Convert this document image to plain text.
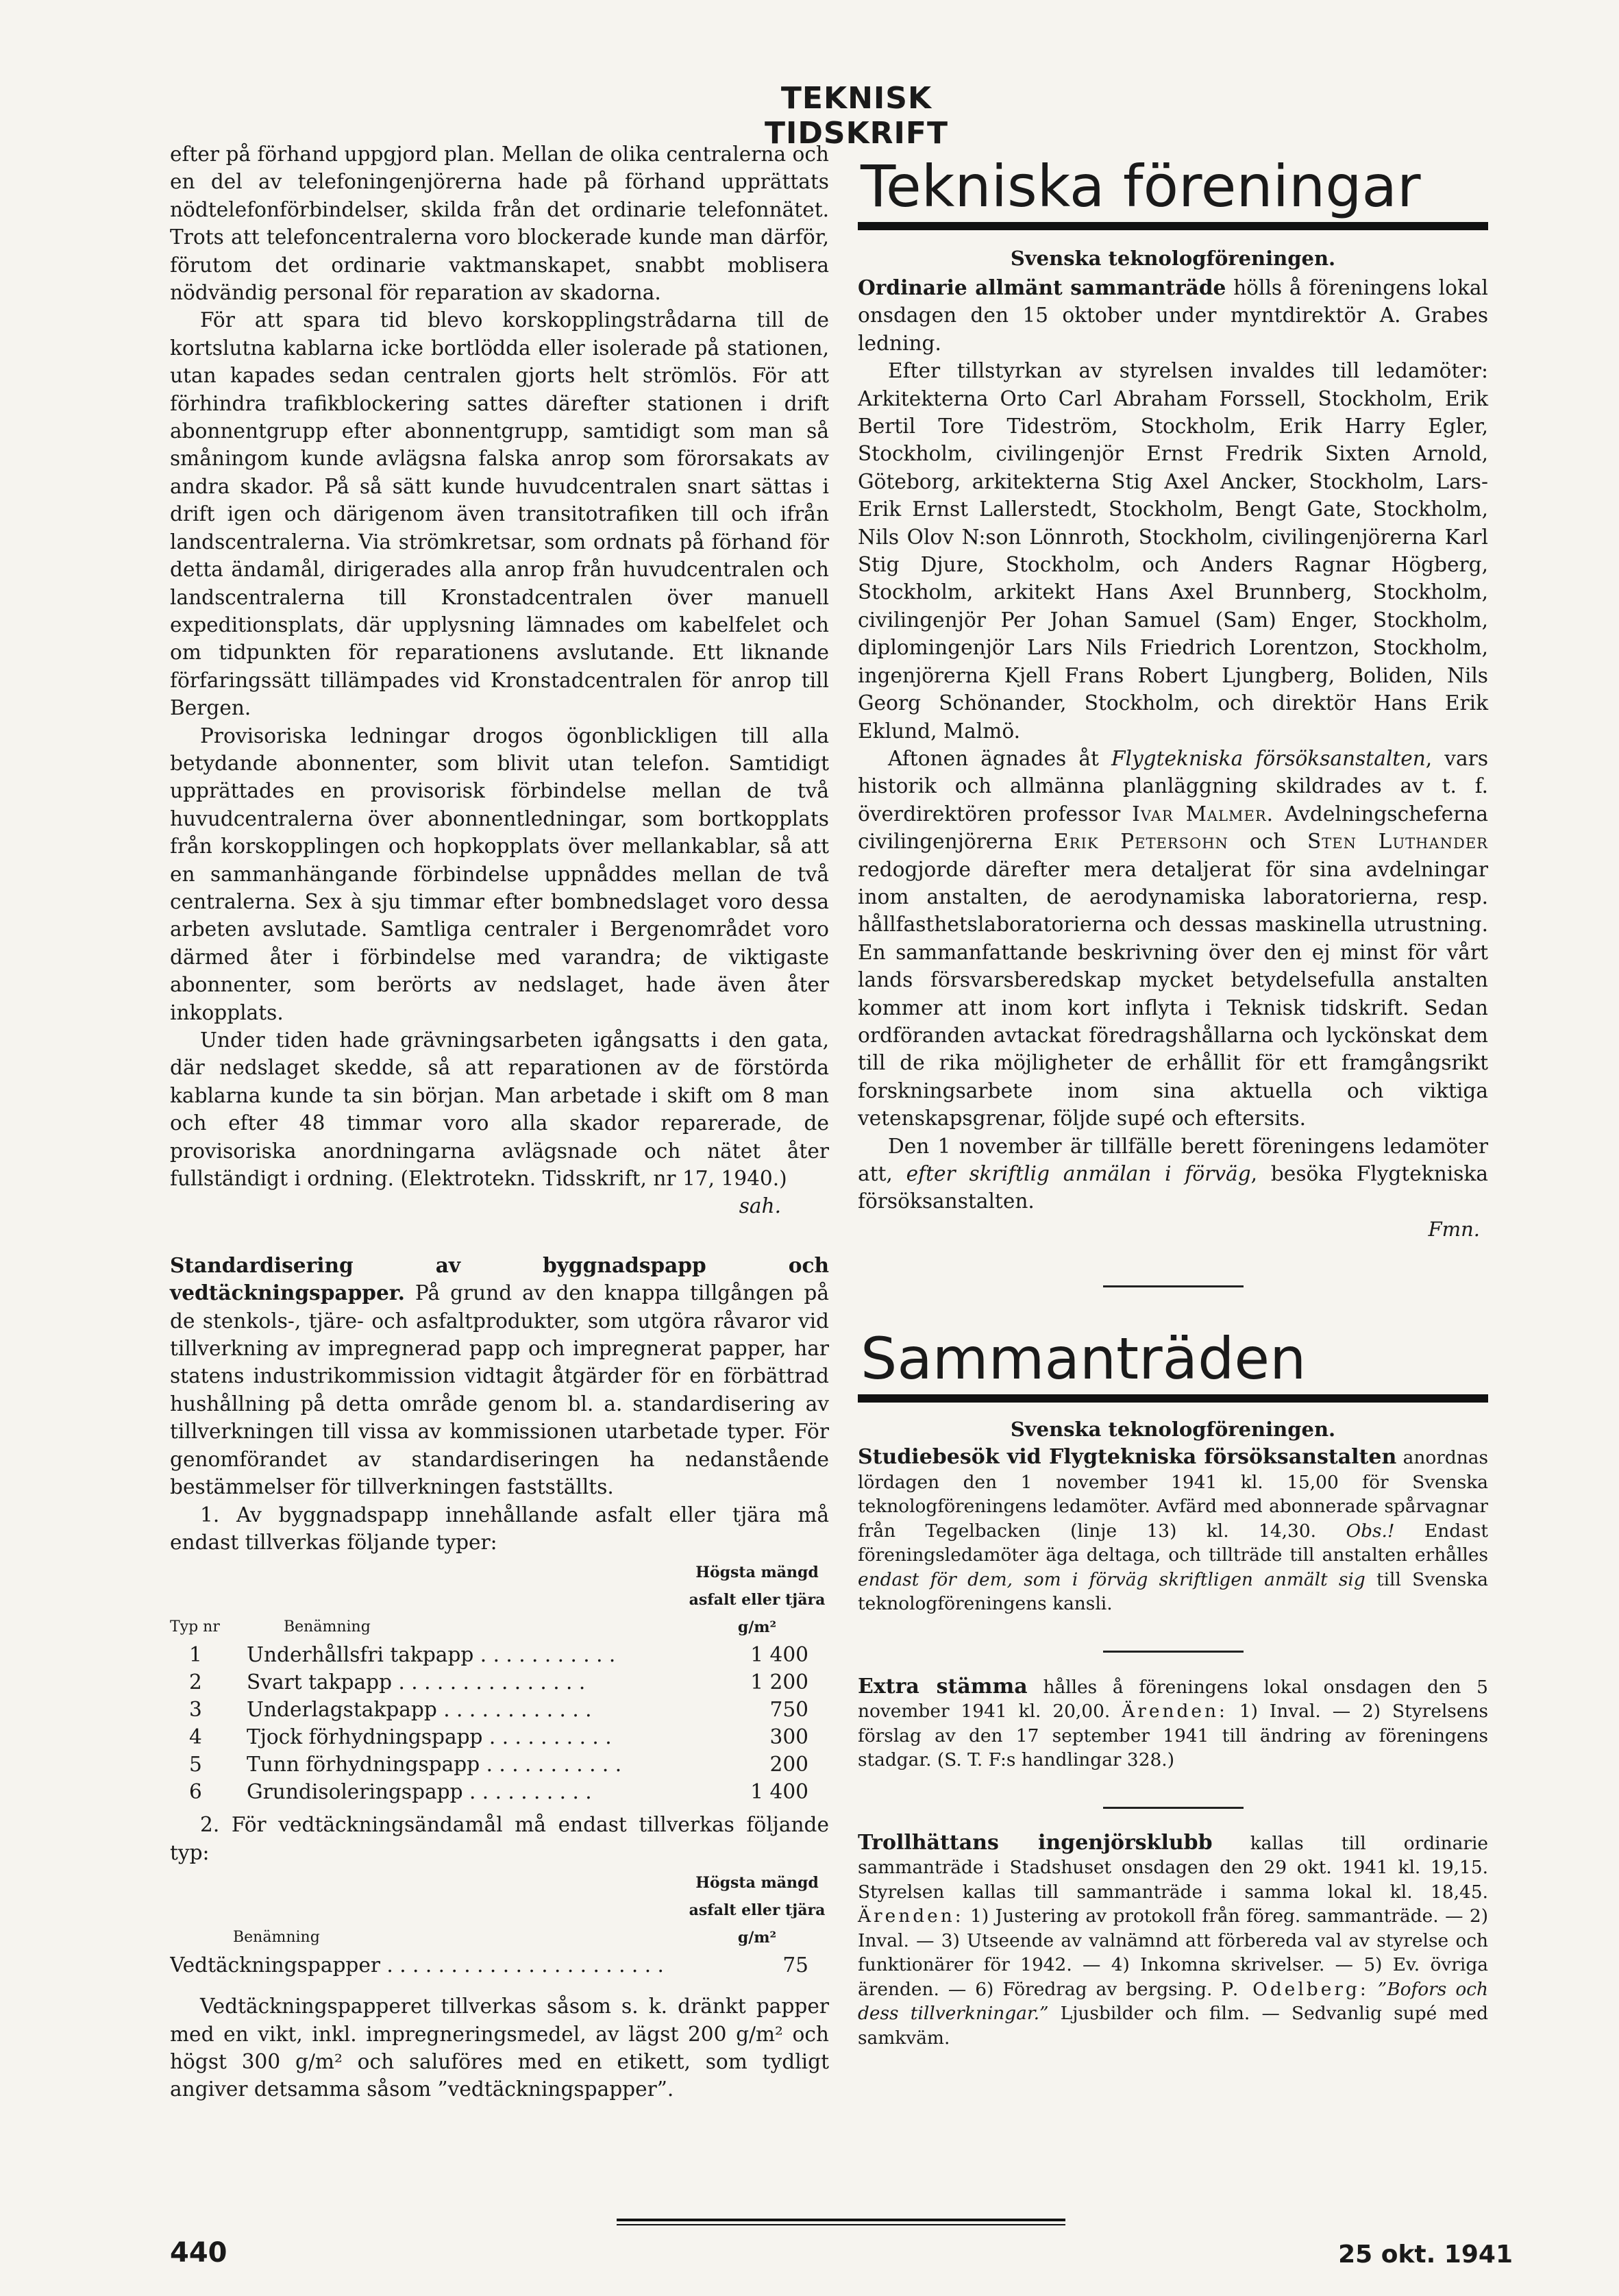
TEKNISK TIDSKRIFT

efter på förhand uppgjord plan. Mellan de olika centralerna och en del av telefoningenjörerna hade på förhand upprättats nödtelefonförbindelser, skilda från det ordinarie telefonnätet. Trots att telefoncentralerna voro blockerade kunde man därför, förutom det ordinarie vaktmanskapet, snabbt moblisera nödvändig personal för reparation av skadorna.

För att spara tid blevo korskopplingstrådarna till de kortslutna kablarna icke bortlödda eller isolerade på stationen, utan kapades sedan centralen gjorts helt strömlös. För att förhindra trafikblockering sattes därefter stationen i drift abonnentgrupp efter abonnentgrupp, samtidigt som man så småningom kunde avlägsna falska anrop som förorsakats av andra skador. På så sätt kunde huvudcentralen snart sättas i drift igen och därigenom även transitotrafiken till och ifrån landscentralerna. Via strömkretsar, som ordnats på förhand för detta ändamål, dirigerades alla anrop från huvudcentralen och landscentralerna till Kronstadcentralen över manuell expeditionsplats, där upplysning lämnades om kabelfelet och om tidpunkten för reparationens avslutande. Ett liknande förfaringssätt tillämpades vid Kronstadcentralen för anrop till Bergen.

Provisoriska ledningar drogos ögonblickligen till alla betydande abonnenter, som blivit utan telefon. Samtidigt upprättades en provisorisk förbindelse mellan de två huvudcentralerna över abonnentledningar, som bortkopplats från korskopplingen och hopkopplats över mellankablar, så att en sammanhängande förbindelse uppnåddes mellan de två centralerna. Sex à sju timmar efter bombnedslaget voro dessa arbeten avslutade. Samtliga centraler i Bergenområdet voro därmed åter i förbindelse med varandra; de viktigaste abonnenter, som berörts av nedslaget, hade även åter inkopplats.

Under tiden hade grävningsarbeten igångsatts i den gata, där nedslaget skedde, så att reparationen av de förstörda kablarna kunde ta sin början. Man arbetade i skift om 8 man och efter 48 timmar voro alla skador reparerade, de provisoriska anordningarna avlägsnade och nätet åter fullständigt i ordning. (Elektrotekn. Tidsskrift, nr 17, 1940.)

sah.

Standardisering av byggnadspapp och vedtäckningspapper. På grund av den knappa tillgången på de stenkols-, tjäre- och asfaltprodukter, som utgöra råvaror vid tillverkning av impregnerad papp och impregnerat papper, har statens industrikommission vidtagit åtgärder för en förbättrad hushållning på detta område genom bl. a. standardisering av tillverkningen till vissa av kommissionen utarbetade typer. För genomförandet av standardiseringen ha nedanstående bestämmelser för tillverkningen fastställts.

1. Av byggnadspapp innehållande asfalt eller tjära må endast tillverkas följande typer:

Typ nr	Benämning	Högsta mängd asfalt eller tjära g/m²
1	Underhållsfri takpapp . . . . . . . . . . .	1 400
2	Svart takpapp . . . . . . . . . . . . . . .	1 200
3	Underlagstakpapp . . . . . . . . . . . .	750
4	Tjock förhydningspapp . . . . . . . . . .	300
5	Tunn förhydningspapp . . . . . . . . . . .	200
6	Grundisoleringspapp . . . . . . . . . .	1 400

2. För vedtäckningsändamål må endast tillverkas följande typ:

Benämning	Högsta mängd asfalt eller tjära g/m²
Vedtäckningspapper . . . . . . . . . . . . . . . . . . . . . .	75

Vedtäckningspapperet tillverkas såsom s. k. dränkt papper med en vikt, inkl. impregneringsmedel, av lägst 200 g/m² och högst 300 g/m² och saluföres med en etikett, som tydligt angiver detsamma såsom ”vedtäckningspapper”.

Tekniska föreningar
Svenska teknologföreningen.

Ordinarie allmänt sammanträde hölls å föreningens lokal onsdagen den 15 oktober under myntdirektör A. Grabes ledning.

Efter tillstyrkan av styrelsen invaldes till ledamöter: Arkitekterna Orto Carl Abraham Forssell, Stockholm, Erik Bertil Tore Tideström, Stockholm, Erik Harry Egler, Stockholm, civilingenjör Ernst Fredrik Sixten Arnold, Göteborg, arkitekterna Stig Axel Ancker, Stockholm, Lars-Erik Ernst Lallerstedt, Stockholm, Bengt Gate, Stockholm, Nils Olov N:son Lönnroth, Stockholm, civilingenjörerna Karl Stig Djure, Stockholm, och Anders Ragnar Högberg, Stockholm, arkitekt Hans Axel Brunnberg, Stockholm, civilingenjör Per Johan Samuel (Sam) Enger, Stockholm, diplomingenjör Lars Nils Friedrich Lorentzon, Stockholm, ingenjörerna Kjell Frans Robert Ljungberg, Boliden, Nils Georg Schönander, Stockholm, och direktör Hans Erik Eklund, Malmö.

Aftonen ägnades åt Flygtekniska försöksanstalten, vars historik och allmänna planläggning skildrades av t. f. överdirektören professor Ivar Malmer. Avdelningscheferna civilingenjörerna Erik Petersohn och Sten Luthander redogjorde därefter mera detaljerat för sina avdelningar inom anstalten, de aerodynamiska laboratorierna, resp. hållfasthetslaboratorierna och dessas maskinella utrustning. En sammanfattande beskrivning över den ej minst för vårt lands försvarsberedskap mycket betydelsefulla anstalten kommer att inom kort inflyta i Teknisk tidskrift. Sedan ordföranden avtackat föredragshållarna och lyckönskat dem till de rika möjligheter de erhållit för ett framgångsrikt forskningsarbete inom sina aktuella och viktiga vetenskapsgrenar, följde supé och eftersits.

Den 1 november är tillfälle berett föreningens ledamöter att, efter skriftlig anmälan i förväg, besöka Flygtekniska försöksanstalten.

Fmn.

Sammanträden
Svenska teknologföreningen.
Studiebesök vid Flygtekniska försöksanstalten anordnas lördagen den 1 november 1941 kl. 15,00 för Svenska teknologföreningens ledamöter. Avfärd med abonnerade spårvagnar från Tegelbacken (linje 13) kl. 14,30. Obs.! Endast föreningsledamöter äga deltaga, och tillträde till anstalten erhålles endast för dem, som i förväg skriftligen anmält sig till Svenska teknologföreningens kansli.
Extra stämma hålles å föreningens lokal onsdagen den 5 november 1941 kl. 20,00. Ärenden: 1) Inval. — 2) Styrelsens förslag av den 17 september 1941 till ändring av föreningens stadgar. (S. T. F:s handlingar 328.)
Trollhättans ingenjörsklubb kallas till ordinarie sammanträde i Stadshuset onsdagen den 29 okt. 1941 kl. 19,15. Styrelsen kallas till sammanträde i samma lokal kl. 18,45. Ärenden: 1) Justering av protokoll från föreg. sammanträde. — 2) Inval. — 3) Utseende av valnämnd att förbereda val av styrelse och funktionärer för 1942. — 4) Inkomna skrivelser. — 5) Ev. övriga ärenden. — 6) Föredrag av bergsing. P. Odelberg: ”Bofors och dess tillverkningar.” Ljusbilder och film. — Sedvanlig supé med samkväm.
440	25 okt. 1941
